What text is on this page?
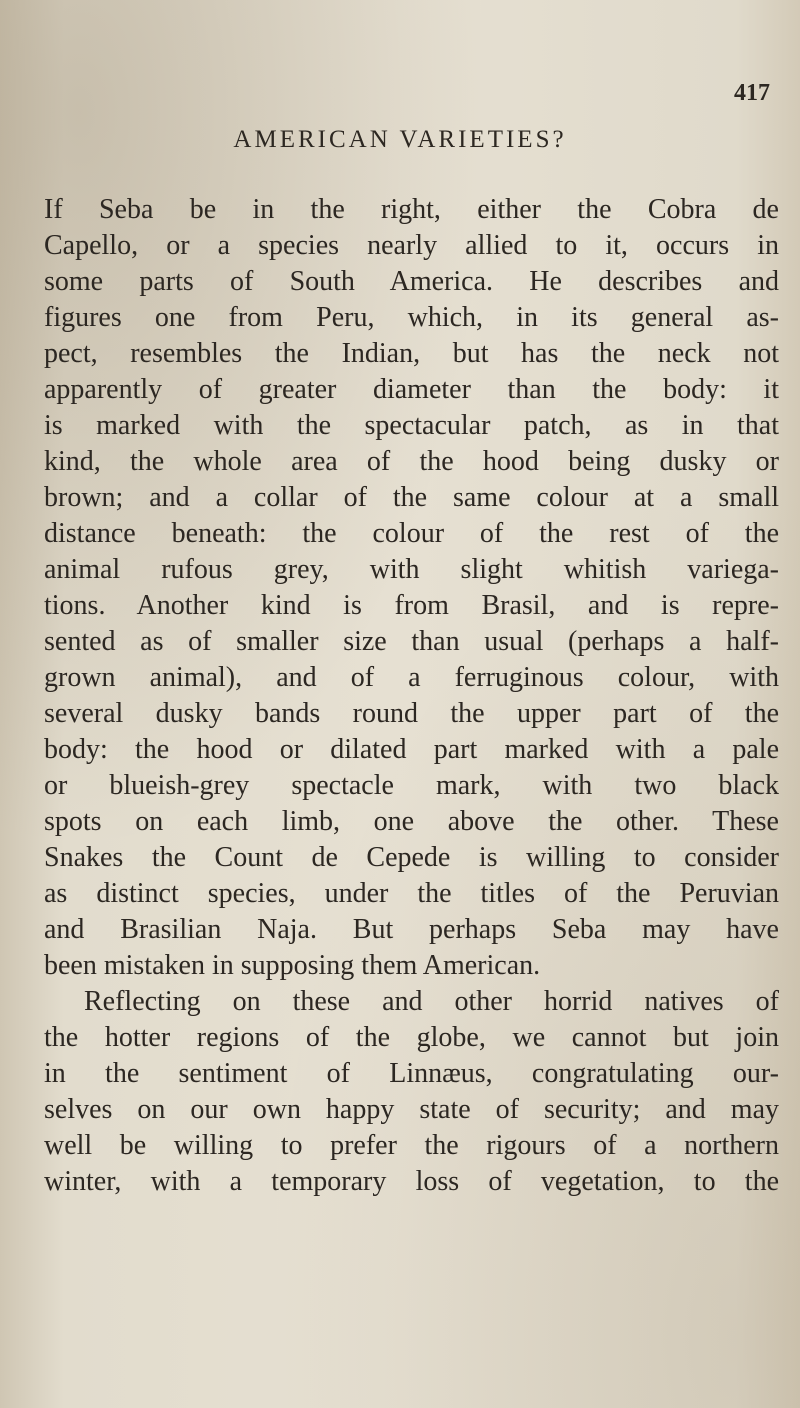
417
AMERICAN VARIETIES?
If Seba be in the right, either the Cobra de
Capello, or a species nearly allied to it, occurs in
some parts of South America. He describes and
figures one from Peru, which, in its general as-
pect, resembles the Indian, but has the neck not
apparently of greater diameter than the body: it
is marked with the spectacular patch, as in that
kind, the whole area of the hood being dusky or
brown; and a collar of the same colour at a small
distance beneath: the colour of the rest of the
animal rufous grey, with slight whitish variega-
tions. Another kind is from Brasil, and is repre-
sented as of smaller size than usual (perhaps a half-
grown animal), and of a ferruginous colour, with
several dusky bands round the upper part of the
body: the hood or dilated part marked with a pale
or blueish-grey spectacle mark, with two black
spots on each limb, one above the other. These
Snakes the Count de Cepede is willing to consider
as distinct species, under the titles of the Peruvian
and Brasilian Naja. But perhaps Seba may have
been mistaken in supposing them American.
Reflecting on these and other horrid natives of
the hotter regions of the globe, we cannot but join
in the sentiment of Linnæus, congratulating our-
selves on our own happy state of security; and may
well be willing to prefer the rigours of a northern
winter, with a temporary loss of vegetation, to the
